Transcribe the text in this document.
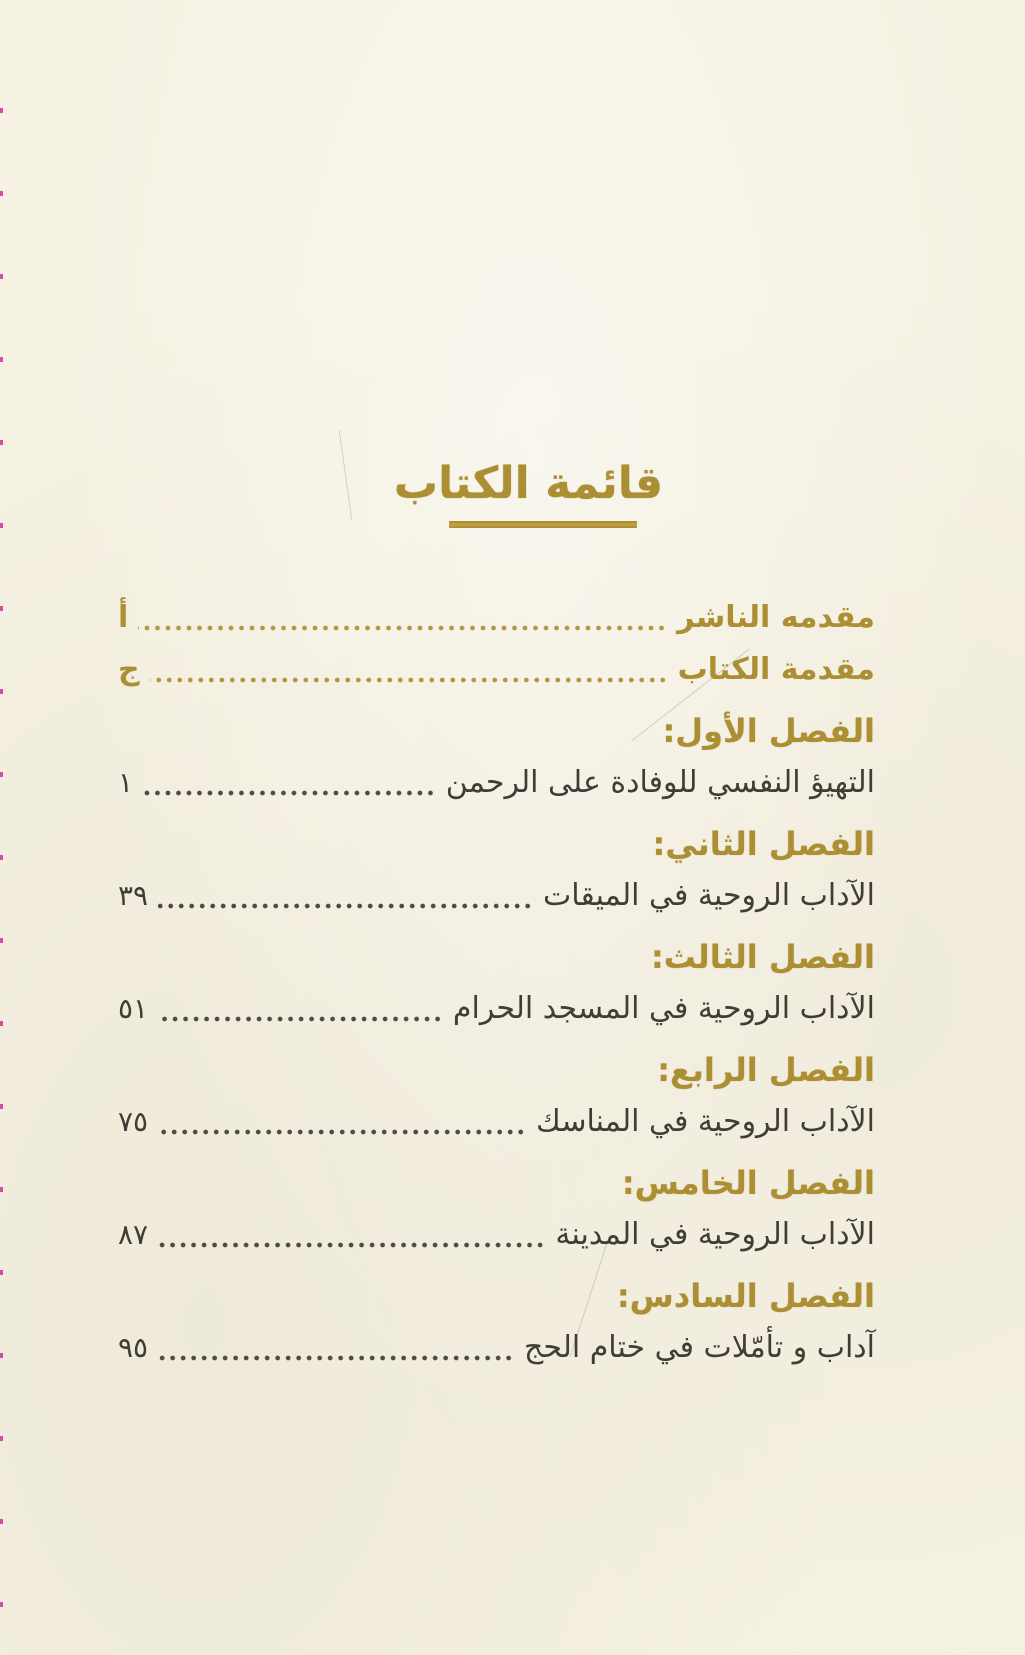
قائمة الكتاب
مقدمه الناشر
أ
مقدمة الكتاب
ج
الفصل الأول:
التهيؤ النفسي للوفادة على الرحمن
١
الفصل الثاني:
الآداب الروحية في الميقات
٣٩
الفصل الثالث:
الآداب الروحية في المسجد الحرام
٥١
الفصل الرابع:
الآداب الروحية في المناسك
٧٥
الفصل الخامس:
الآداب الروحية في المدينة
٨٧
الفصل السادس:
آداب و تأمّلات في ختام الحج
٩٥
